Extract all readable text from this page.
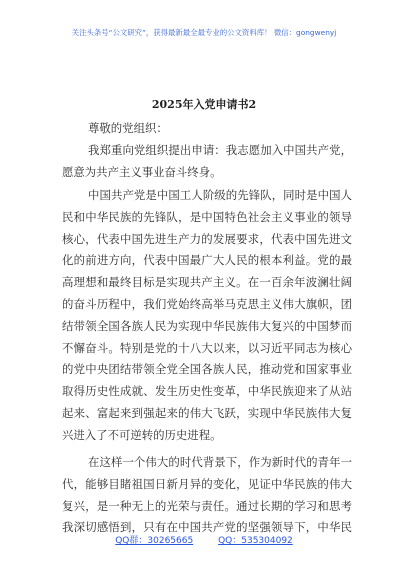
关注头条号“公文研究”，获得最新最全最专业的公文资料库！ 微信：gongwenyj
2025年入党申请书2
尊敬的党组织：
我郑重向党组织提出申请：我志愿加入中国共产党，
愿意为共产主义事业奋斗终身。
中国共产党是中国工人阶级的先锋队，同时是中国人
民和中华民族的先锋队，是中国特色社会主义事业的领导
核心，代表中国先进生产力的发展要求，代表中国先进文
化的前进方向，代表中国最广大人民的根本利益。党的最
高理想和最终目标是实现共产主义。在一百余年波澜壮阔
的奋斗历程中，我们党始终高举马克思主义伟大旗帜，团
结带领全国各族人民为实现中华民族伟大复兴的中国梦而
不懈奋斗。特别是党的十八大以来，以习近平同志为核心
的党中央团结带领全党全国各族人民，推动党和国家事业
取得历史性成就、发生历史性变革，中华民族迎来了从站
起来、富起来到强起来的伟大飞跃，实现中华民族伟大复
兴进入了不可逆转的历史进程。
在这样一个伟大的时代背景下，作为新时代的青年一
代，能够目睹祖国日新月异的变化，见证中华民族的伟大
复兴，是一种无上的光荣与责任。通过长期的学习和思考
我深切感悟到，只有在中国共产党的坚强领导下，中华民
QQ群：30265665	QQ：535304092
